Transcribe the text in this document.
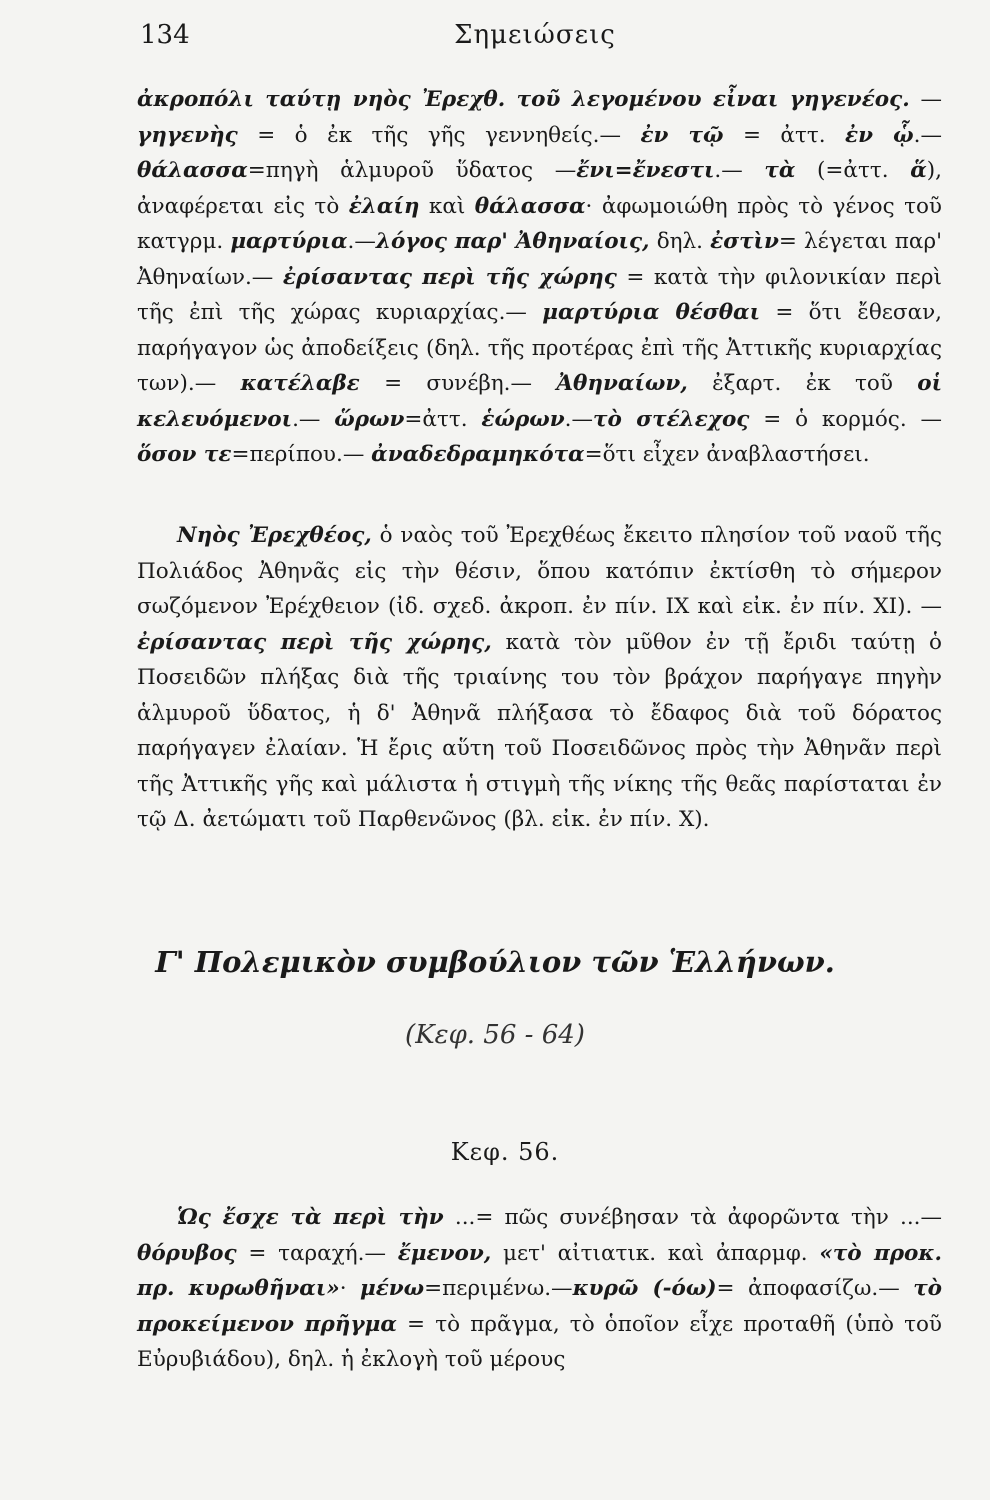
134	Σημειώσεις
ἀκροπόλι ταύτῃ νηὸς Ἐρεχθ. τοῦ λεγομένου εἶναι γηγενέος. —γηγενὴς = ὁ ἐκ τῆς γῆς γεννηθείς.— ἐν τῷ = ἀττ. ἐν ᾧ.— θάλασσα=πηγὴ ἁλμυροῦ ὕδατος —ἔνι=ἔνεστι.— τὰ (=ἀττ. ἅ), ἀναφέρεται εἰς τὸ ἐλαίη καὶ θάλασσα· ἀφωμοιώθη πρὸς τὸ γένος τοῦ κατγρμ. μαρτύρια.—λόγος παρ' Ἀθηναίοις, δηλ. ἐστὶν= λέγεται παρ' Ἀθηναίων.— ἐρίσαντας περὶ τῆς χώρης = κατὰ τὴν φιλονικίαν περὶ τῆς ἐπὶ τῆς χώρας κυριαρχίας.— μαρτύρια θέσθαι = ὅτι ἔθεσαν, παρήγαγον ὡς ἀποδείξεις (δηλ. τῆς προτέρας ἐπὶ τῆς Ἀττικῆς κυριαρχίας των).— κατέλαβε = συνέβη.— Ἀθηναίων, ἐξαρτ. ἐκ τοῦ οἱ κελευόμενοι.— ὥρων=ἀττ. ἑώρων.—τὸ στέλεχος = ὁ κορμός. — ὅσον τε=περίπου.— ἀναδεδραμηκότα=ὅτι εἶχεν ἀναβλαστήσει.
Νηὸς Ἐρεχθέος, ὁ ναὸς τοῦ Ἐρεχθέως ἔκειτο πλησίον τοῦ ναοῦ τῆς Πολιάδος Ἀθηνᾶς εἰς τὴν θέσιν, ὅπου κατόπιν ἐκτίσθη τὸ σήμερον σωζόμενον Ἐρέχθειον (ἰδ. σχεδ. ἀκροπ. ἐν πίν. IX καὶ εἰκ. ἐν πίν. XI). — ἐρίσαντας περὶ τῆς χώρης, κατὰ τὸν μῦθον ἐν τῇ ἔριδι ταύτῃ ὁ Ποσειδῶν πλήξας διὰ τῆς τριαίνης του τὸν βράχον παρήγαγε πηγὴν ἁλμυροῦ ὕδατος, ἡ δ' Ἀθηνᾶ πλήξασα τὸ ἔδαφος διὰ τοῦ δόρατος παρήγαγεν ἐλαίαν. Ἡ ἔρις αὕτη τοῦ Ποσειδῶνος πρὸς τὴν Ἀθηνᾶν περὶ τῆς Ἀττικῆς γῆς καὶ μάλιστα ἡ στιγμὴ τῆς νίκης τῆς θεᾶς παρίσταται ἐν τῷ Δ. ἀετώματι τοῦ Παρθενῶνος (βλ. εἰκ. ἐν πίν. X).
Γ' Πολεμικὸν συμβούλιον τῶν Ἑλλήνων.
(Κεφ. 56 - 64)
Κεφ. 56.
Ὡς ἔσχε τὰ περὶ τὴν ...= πῶς συνέβησαν τὰ ἀφορῶντα τὴν ...—θόρυβος = ταραχή.— ἔμενον, μετ' αἰτιατικ. καὶ ἀπαρμφ. «τὸ προκ. πρ. κυρωθῆναι»· μένω=περιμένω.—κυρῶ (-όω)= ἀποφασίζω.— τὸ προκείμενον πρῆγμα = τὸ πρᾶγμα, τὸ ὁποῖον εἶχε προταθῆ (ὑπὸ τοῦ Εὐρυβιάδου), δηλ. ἡ ἐκλογὴ τοῦ μέρους
